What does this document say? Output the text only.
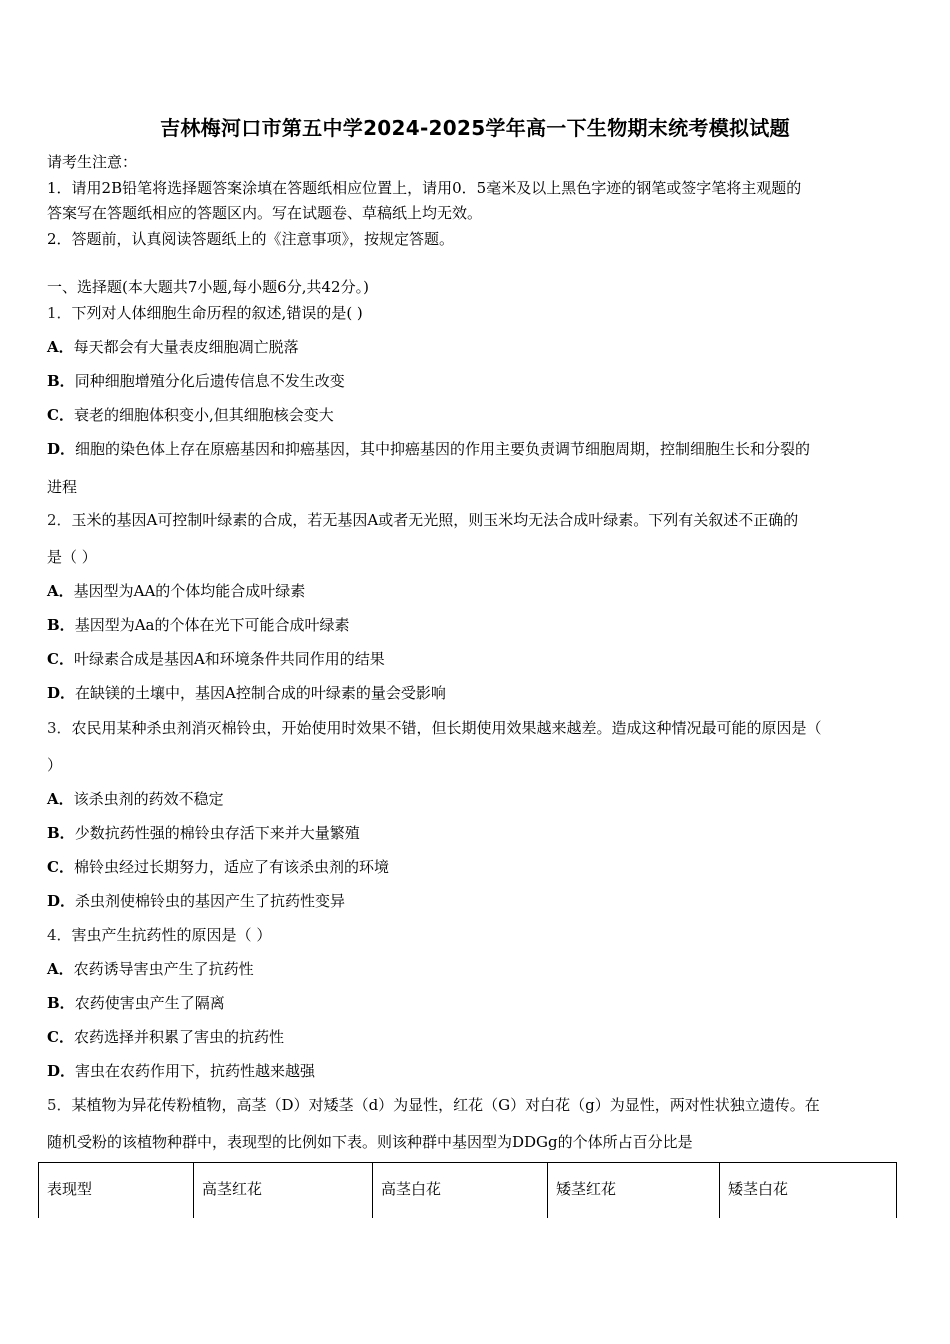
吉林梅河口市第五中学2024-2025学年高一下生物期末统考模拟试题
请考生注意：
1．请用2B铅笔将选择题答案涂填在答题纸相应位置上，请用0．5毫米及以上黑色字迹的钢笔或签字笔将主观题的
答案写在答题纸相应的答题区内。写在试题卷、草稿纸上均无效。
2．答题前，认真阅读答题纸上的《注意事项》，按规定答题。
一、选择题(本大题共7小题,每小题6分,共42分。)
1．下列对人体细胞生命历程的叙述,错误的是( )
A．每天都会有大量表皮细胞凋亡脱落
B．同种细胞增殖分化后遗传信息不发生改变
C．衰老的细胞体积变小,但其细胞核会变大
D．细胞的染色体上存在原癌基因和抑癌基因，其中抑癌基因的作用主要负责调节细胞周期，控制细胞生长和分裂的
进程
2．玉米的基因A可控制叶绿素的合成，若无基因A或者无光照，则玉米均无法合成叶绿素。下列有关叙述不正确的
是（ ）
A．基因型为AA的个体均能合成叶绿素
B．基因型为Aa的个体在光下可能合成叶绿素
C．叶绿素合成是基因A和环境条件共同作用的结果
D．在缺镁的土壤中，基因A控制合成的叶绿素的量会受影响
3．农民用某种杀虫剂消灭棉铃虫，开始使用时效果不错，但长期使用效果越来越差。造成这种情况最可能的原因是（
）
A．该杀虫剂的药效不稳定
B．少数抗药性强的棉铃虫存活下来并大量繁殖
C．棉铃虫经过长期努力，适应了有该杀虫剂的环境
D．杀虫剂使棉铃虫的基因产生了抗药性变异
4．害虫产生抗药性的原因是（ ）
A．农药诱导害虫产生了抗药性
B．农药使害虫产生了隔离
C．农药选择并积累了害虫的抗药性
D．害虫在农药作用下，抗药性越来越强
5．某植物为异花传粉植物，高茎（D）对矮茎（d）为显性，红花（G）对白花（g）为显性，两对性状独立遗传。在
随机受粉的该植物种群中，表现型的比例如下表。则该种群中基因型为DDGg的个体所占百分比是
表现型	高茎红花	高茎白花	矮茎红花	矮茎白花
